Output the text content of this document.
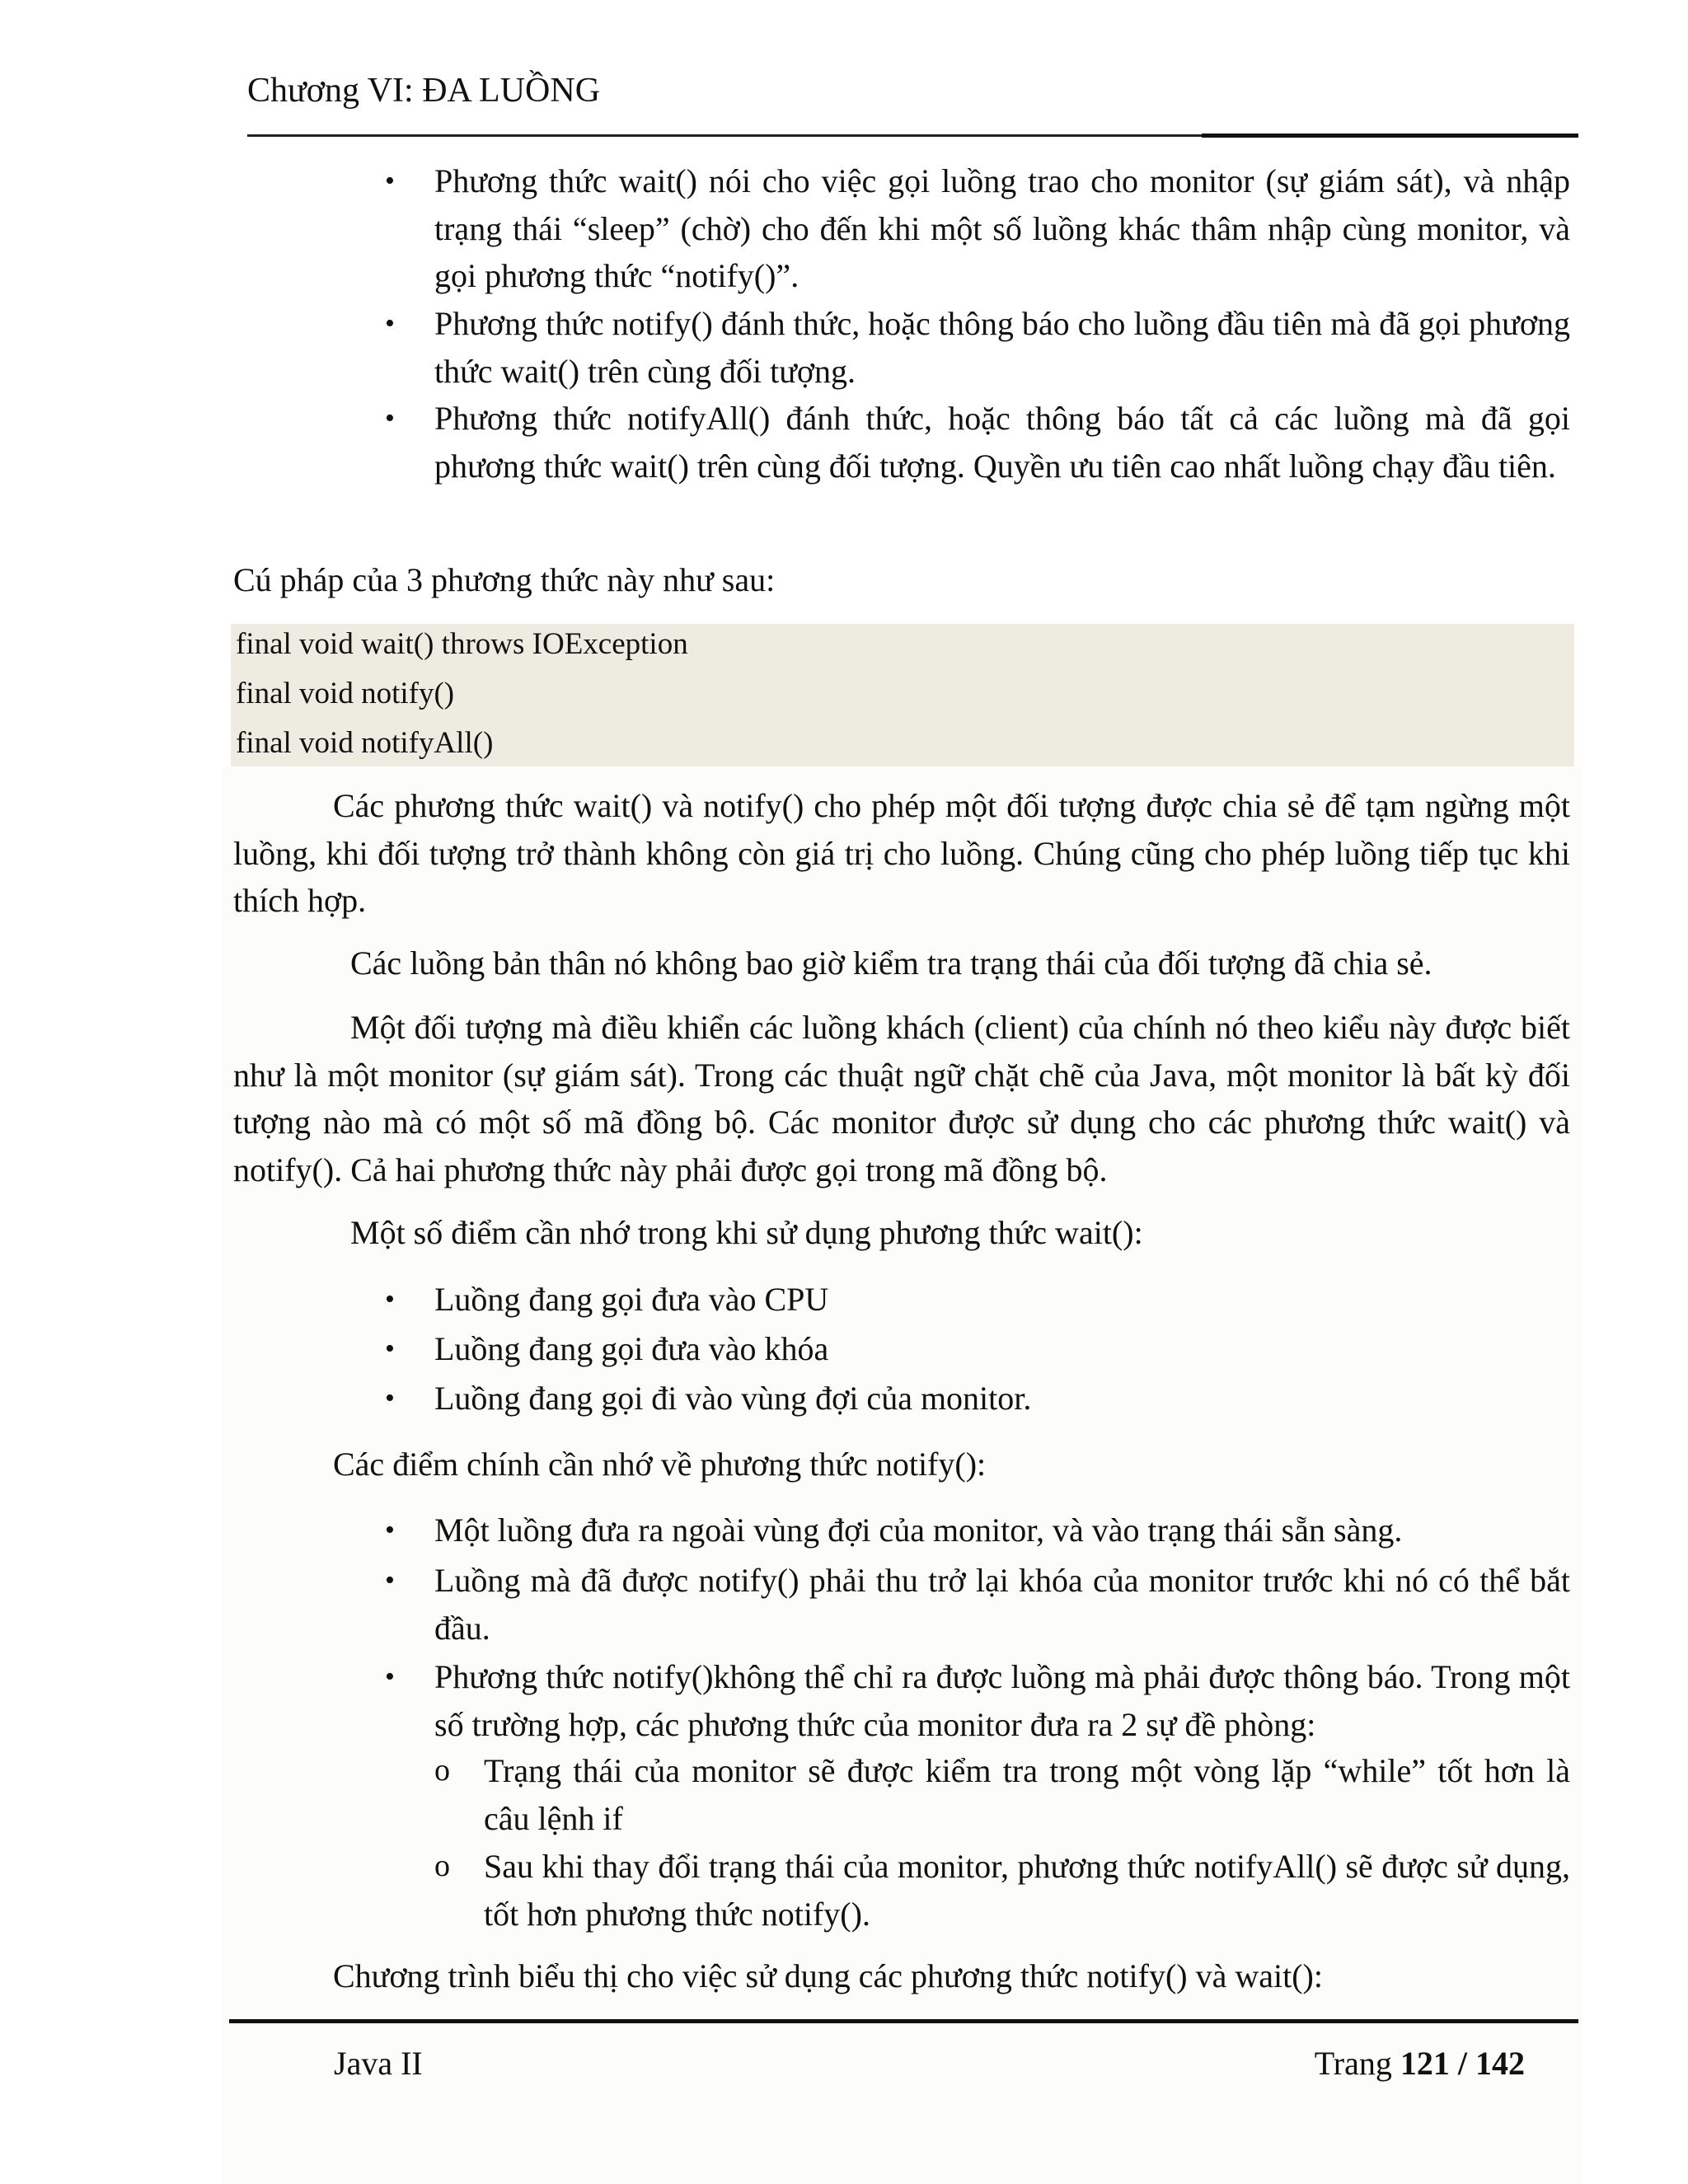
Chương VI: ĐA LUỒNG
• Phương thức wait() nói cho việc gọi luồng trao cho monitor (sự giám sát), và nhập trạng thái “sleep” (chờ) cho đến khi một số luồng khác thâm nhập cùng monitor, và gọi phương thức “notify()”.
• Phương thức notify() đánh thức, hoặc thông báo cho luồng đầu tiên mà đã gọi phương thức wait() trên cùng đối tượng.
• Phương thức notifyAll() đánh thức, hoặc thông báo tất cả các luồng mà đã gọi phương thức wait() trên cùng đối tượng. Quyền ưu tiên cao nhất luồng chạy đầu tiên.
Cú pháp của 3 phương thức này như sau:
final void wait() throws IOException
final void notify()
final void notifyAll()
Các phương thức wait() và notify() cho phép một đối tượng được chia sẻ để tạm ngừng một luồng, khi đối tượng trở thành không còn giá trị cho luồng. Chúng cũng cho phép luồng tiếp tục khi thích hợp.
Các luồng bản thân nó không bao giờ kiểm tra trạng thái của đối tượng đã chia sẻ.
Một đối tượng mà điều khiển các luồng khách (client) của chính nó theo kiểu này được biết như là một monitor (sự giám sát). Trong các thuật ngữ chặt chẽ của Java, một monitor là bất kỳ đối tượng nào mà có một số mã đồng bộ. Các monitor được sử dụng cho các phương thức wait() và notify(). Cả hai phương thức này phải được gọi trong mã đồng bộ.
Một số điểm cần nhớ trong khi sử dụng phương thức wait():
• Luồng đang gọi đưa vào CPU
• Luồng đang gọi đưa vào khóa
• Luồng đang gọi đi vào vùng đợi của monitor.
Các điểm chính cần nhớ về phương thức notify():
• Một luồng đưa ra ngoài vùng đợi của monitor, và vào trạng thái sẵn sàng.
• Luồng mà đã được notify() phải thu trở lại khóa của monitor trước khi nó có thể bắt đầu.
• Phương thức notify()không thể chỉ ra được luồng mà phải được thông báo. Trong một số trường hợp, các phương thức của monitor đưa ra 2 sự đề phòng:
o Trạng thái của monitor sẽ được kiểm tra trong một vòng lặp “while” tốt hơn là câu lệnh if
o Sau khi thay đổi trạng thái của monitor, phương thức notifyAll() sẽ được sử dụng, tốt hơn phương thức notify().
Chương trình biểu thị cho việc sử dụng các phương thức notify() và wait():
Java II	Trang 121 / 142
